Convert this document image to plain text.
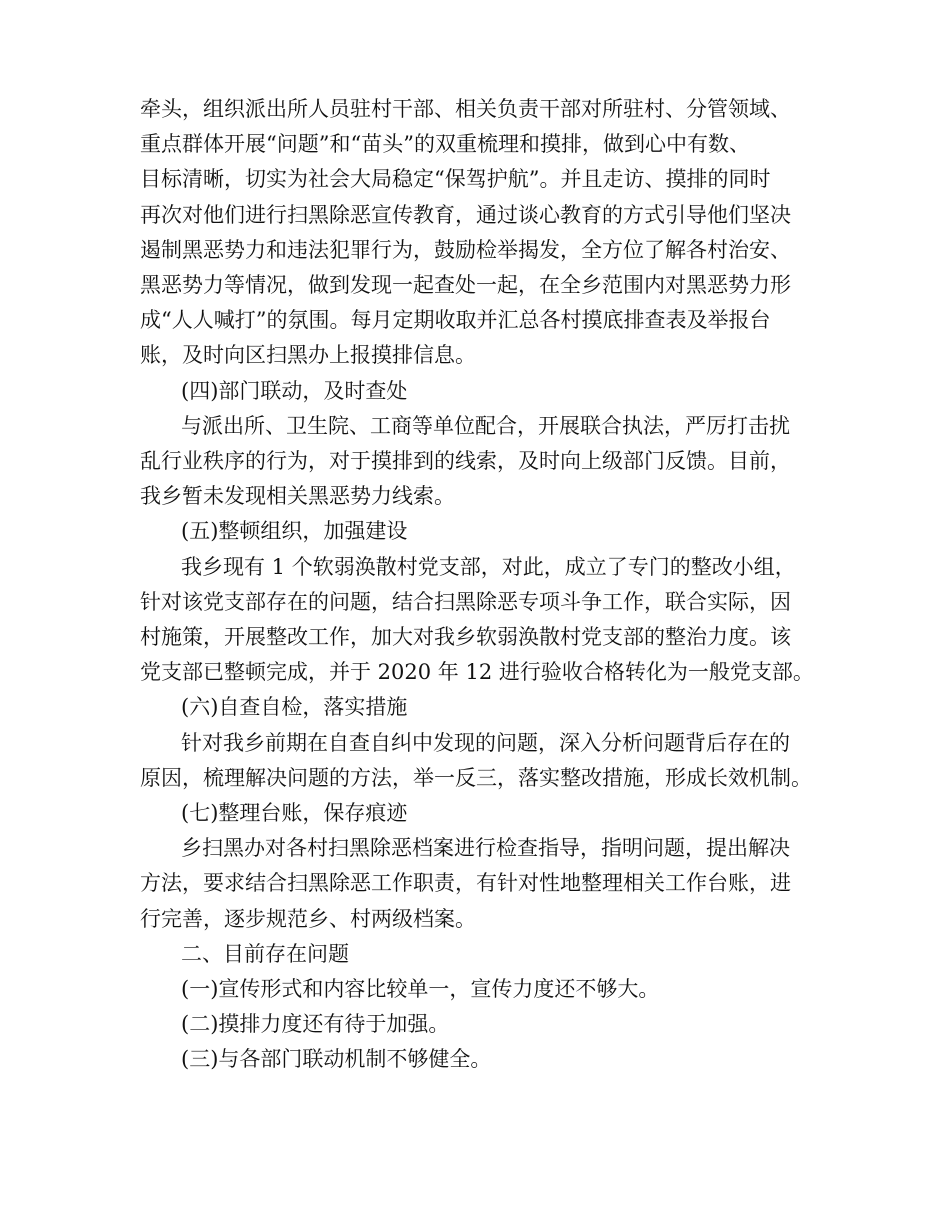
牵头，组织派出所人员驻村干部、相关负责干部对所驻村、分管领域、

重点群体开展“问题”和“苗头”的双重梳理和摸排，做到心中有数、

目标清晰，切实为社会大局稳定“保驾护航”。并且走访、摸排的同时

再次对他们进行扫黑除恶宣传教育，通过谈心教育的方式引导他们坚决

遏制黑恶势力和违法犯罪行为，鼓励检举揭发，全方位了解各村治安、

黑恶势力等情况，做到发现一起查处一起，在全乡范围内对黑恶势力形

成“人人喊打”的氛围。每月定期收取并汇总各村摸底排查表及举报台

账，及时向区扫黑办上报摸排信息。

(四)部门联动，及时查处

与派出所、卫生院、工商等单位配合，开展联合执法，严厉打击扰

乱行业秩序的行为，对于摸排到的线索，及时向上级部门反馈。目前，

我乡暂未发现相关黑恶势力线索。

(五)整顿组织，加强建设

我乡现有 1 个软弱涣散村党支部，对此，成立了专门的整改小组，

针对该党支部存在的问题，结合扫黑除恶专项斗争工作，联合实际，因

村施策，开展整改工作，加大对我乡软弱涣散村党支部的整治力度。该

党支部已整顿完成，并于 2020 年 12 进行验收合格转化为一般党支部。

(六)自查自检，落实措施

针对我乡前期在自查自纠中发现的问题，深入分析问题背后存在的

原因，梳理解决问题的方法，举一反三，落实整改措施，形成长效机制。

(七)整理台账，保存痕迹

乡扫黑办对各村扫黑除恶档案进行检查指导，指明问题，提出解决

方法，要求结合扫黑除恶工作职责，有针对性地整理相关工作台账，进

行完善，逐步规范乡、村两级档案。

二、目前存在问题

(一)宣传形式和内容比较单一，宣传力度还不够大。

(二)摸排力度还有待于加强。

(三)与各部门联动机制不够健全。
